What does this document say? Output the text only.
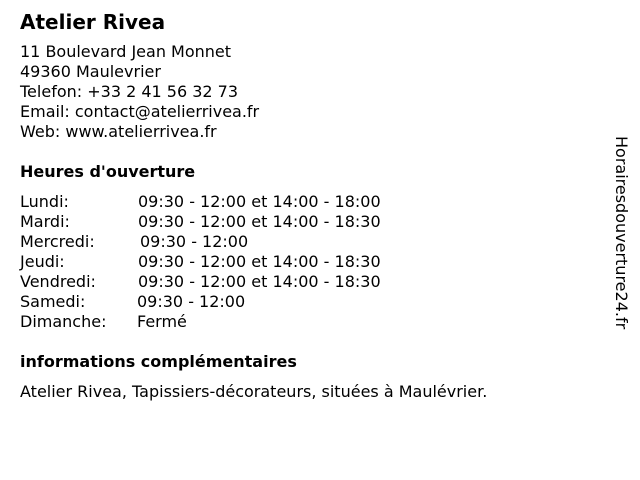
Atelier Rivea
11 Boulevard Jean Monnet
49360 Maulevrier
Telefon: +33 2 41 56 32 73
Email: contact@atelierrivea.fr
Web: www.atelierrivea.fr
Heures d'ouverture
Lundi:	09:30 - 12:00 et 14:00 - 18:00
Mardi:	09:30 - 12:00 et 14:00 - 18:30
Mercredi:	09:30 - 12:00
Jeudi:	09:30 - 12:00 et 14:00 - 18:30
Vendredi:	09:30 - 12:00 et 14:00 - 18:30
Samedi:	09:30 - 12:00
Dimanche:	Fermé
informations complémentaires
Atelier Rivea, Tapissiers-décorateurs, situées à Maulévrier.
Horairesdouverture24.fr
